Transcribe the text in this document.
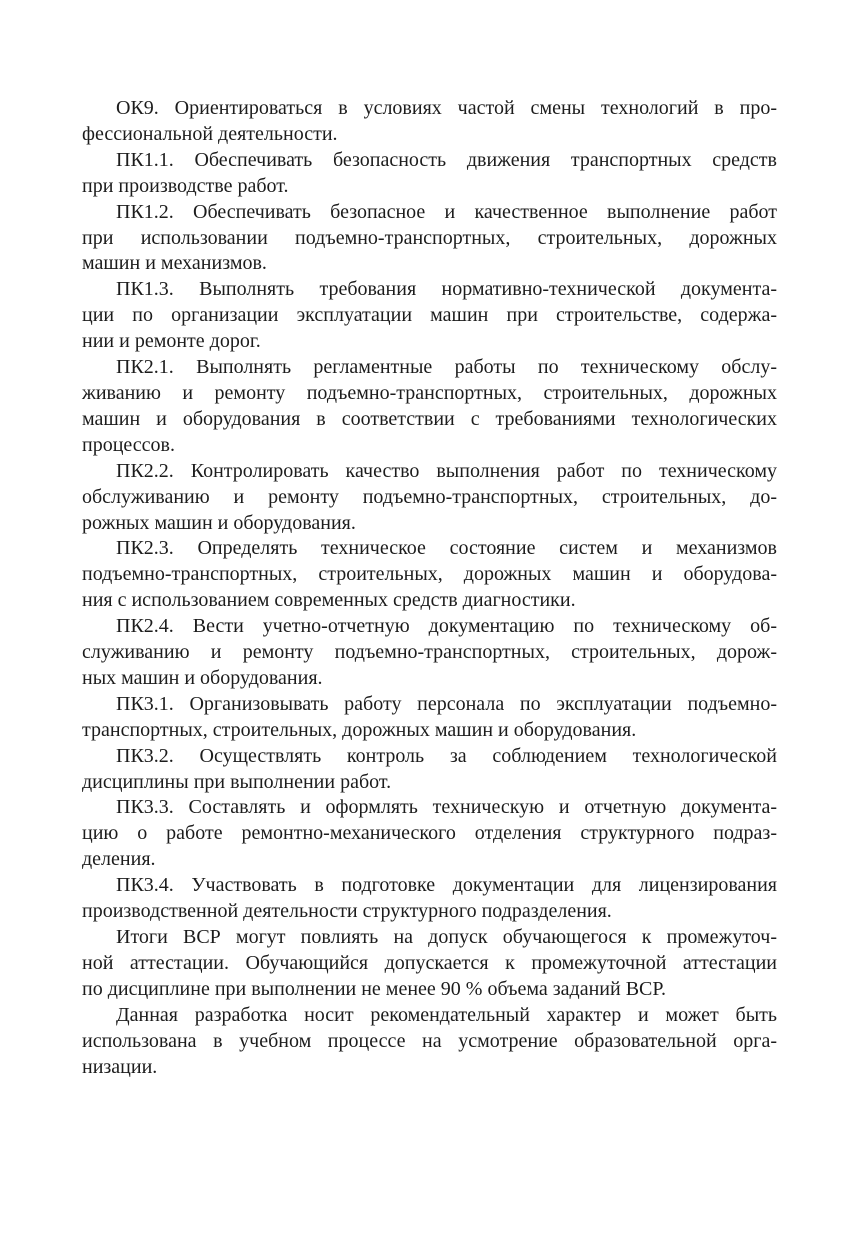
ОК9. Ориентироваться в условиях частой смены технологий в про-
фессиональной деятельности.

ПК1.1. Обеспечивать безопасность движения транспортных средств
при производстве работ.

ПК1.2. Обеспечивать безопасное и качественное выполнение работ
при использовании подъемно-транспортных, строительных, дорожных
машин и механизмов.

ПК1.3. Выполнять требования нормативно-технической документа-
ции по организации эксплуатации машин при строительстве, содержа-
нии и ремонте дорог.

ПК2.1. Выполнять регламентные работы по техническому обслу-
живанию и ремонту подъемно-транспортных, строительных, дорожных
машин и оборудования в соответствии с требованиями технологических
процессов.

ПК2.2. Контролировать качество выполнения работ по техническому
обслуживанию и ремонту подъемно-транспортных, строительных, до-
рожных машин и оборудования.

ПК2.3. Определять техническое состояние систем и механизмов
подъемно-транспортных, строительных, дорожных машин и оборудова-
ния с использованием современных средств диагностики.

ПК2.4. Вести учетно-отчетную документацию по техническому об-
служиванию и ремонту подъемно-транспортных, строительных, дорож-
ных машин и оборудования.

ПК3.1. Организовывать работу персонала по эксплуатации подъемно-
транспортных, строительных, дорожных машин и оборудования.

ПК3.2. Осуществлять контроль за соблюдением технологической
дисциплины при выполнении работ.

ПК3.3. Составлять и оформлять техническую и отчетную документа-
цию о работе ремонтно-механического отделения структурного подраз-
деления.

ПК3.4. Участвовать в подготовке документации для лицензирования
производственной деятельности структурного подразделения.

Итоги ВСР могут повлиять на допуск обучающегося к промежуточ-
ной аттестации. Обучающийся допускается к промежуточной аттестации
по дисциплине при выполнении не менее 90 % объема заданий ВСР.

Данная разработка носит рекомендательный характер и может быть
использована в учебном процессе на усмотрение образовательной орга-
низации.
